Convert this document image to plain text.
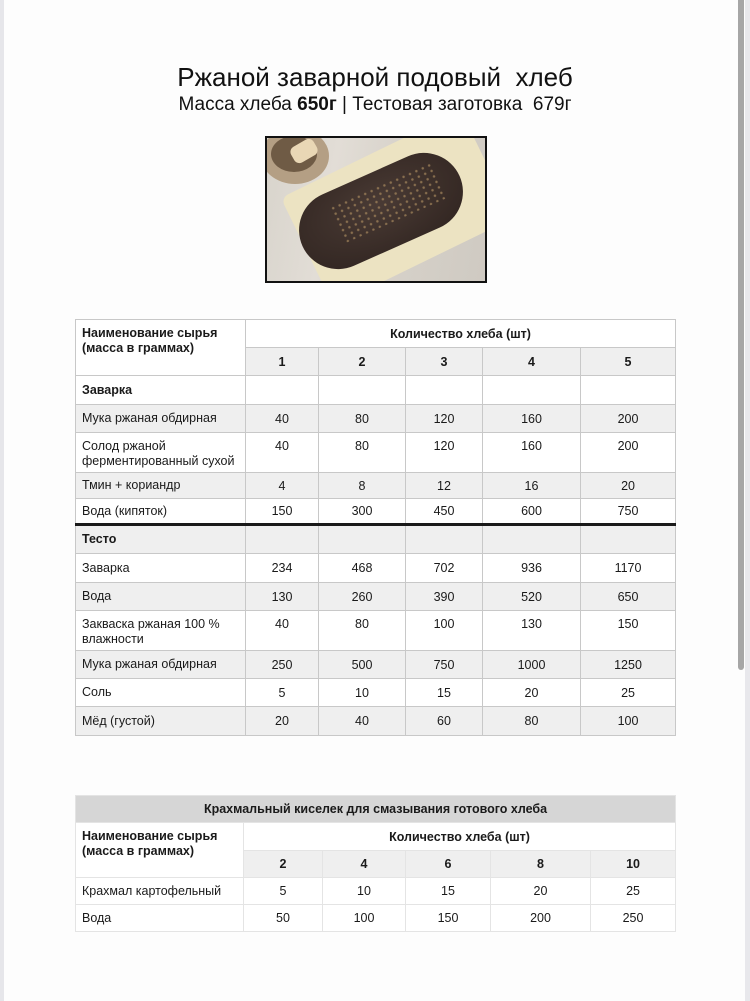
Ржаной заварной подовый  хлеб
Масса хлеба 650г | Тестовая заготовка  679г
Наименование сырья (масса в граммах)	Количество хлеба (шт)				
	1	2	3	4	5
Заварка					
Мука ржаная обдирная	40	80	120	160	200
Солод ржаной ферментированный сухой	40	80	120	160	200
Тмин + кориандр	4	8	12	16	20
Вода (кипяток)	150	300	450	600	750
Тесто					
Заварка	234	468	702	936	1170
Вода	130	260	390	520	650
Закваска ржаная 100 % влажности	40	80	100	130	150
Мука ржаная обдирная	250	500	750	1000	1250
Соль	5	10	15	20	25
Мёд (густой)	20	40	60	80	100
Крахмальный киселек для смазывания готового хлеба					
Наименование сырья (масса в граммах)	Количество хлеба (шт)				
	2	4	6	8	10
Крахмал картофельный	5	10	15	20	25
Вода	50	100	150	200	250
